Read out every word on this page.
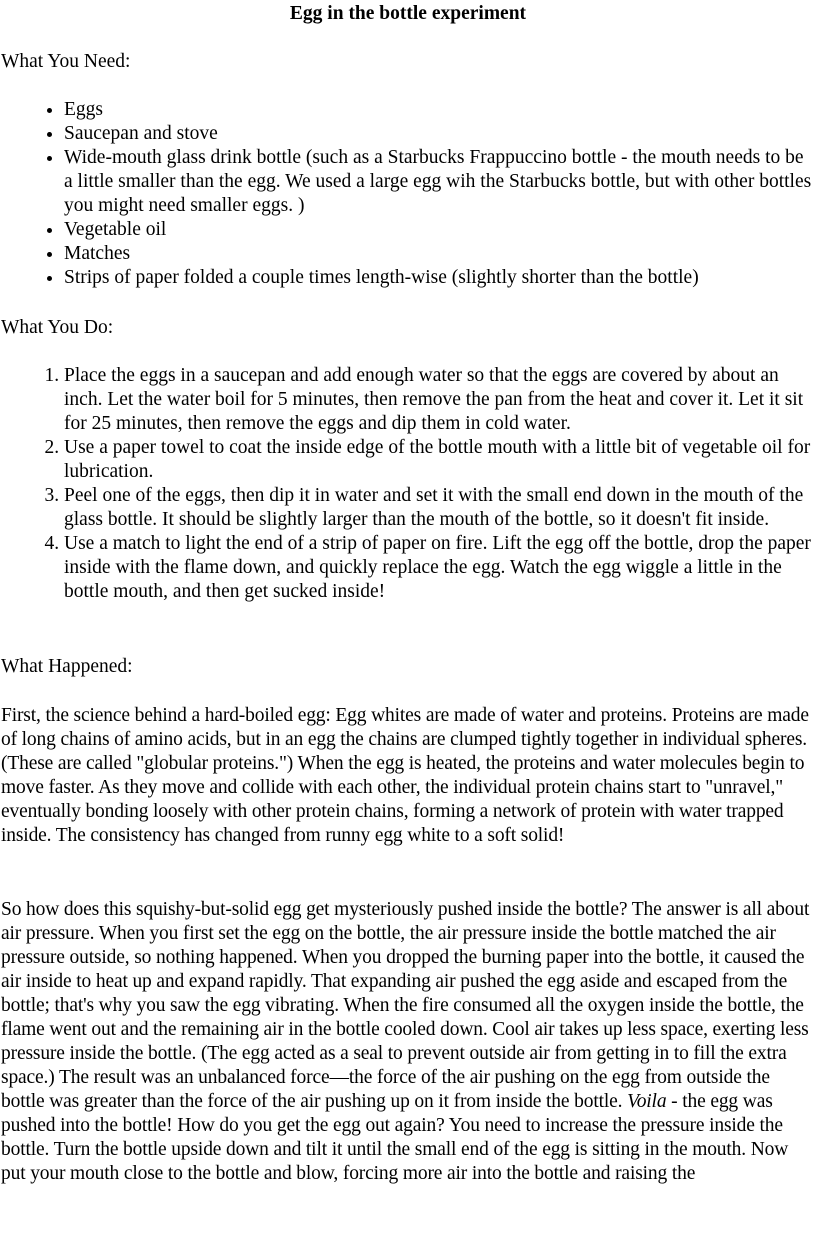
Egg in the bottle experiment

What You Need:

• Eggs
• Saucepan and stove
• Wide-mouth glass drink bottle (such as a Starbucks Frappuccino bottle - the mouth needs to be a little smaller than the egg. We used a large egg wih the Starbucks bottle, but with other bottles you might need smaller eggs. )
• Vegetable oil
• Matches
• Strips of paper folded a couple times length-wise (slightly shorter than the bottle)

What You Do:

1. Place the eggs in a saucepan and add enough water so that the eggs are covered by about an inch. Let the water boil for 5 minutes, then remove the pan from the heat and cover it. Let it sit for 25 minutes, then remove the eggs and dip them in cold water.
2. Use a paper towel to coat the inside edge of the bottle mouth with a little bit of vegetable oil for lubrication.
3. Peel one of the eggs, then dip it in water and set it with the small end down in the mouth of the glass bottle. It should be slightly larger than the mouth of the bottle, so it doesn't fit inside.
4. Use a match to light the end of a strip of paper on fire. Lift the egg off the bottle, drop the paper inside with the flame down, and quickly replace the egg. Watch the egg wiggle a little in the bottle mouth, and then get sucked inside!

What Happened:

First, the science behind a hard-boiled egg: Egg whites are made of water and proteins. Proteins are made of long chains of amino acids, but in an egg the chains are clumped tightly together in individual spheres. (These are called "globular proteins.") When the egg is heated, the proteins and water molecules begin to move faster. As they move and collide with each other, the individual protein chains start to "unravel," eventually bonding loosely with other protein chains, forming a network of protein with water trapped inside. The consistency has changed from runny egg white to a soft solid!

So how does this squishy-but-solid egg get mysteriously pushed inside the bottle? The answer is all about air pressure. When you first set the egg on the bottle, the air pressure inside the bottle matched the air pressure outside, so nothing happened. When you dropped the burning paper into the bottle, it caused the air inside to heat up and expand rapidly. That expanding air pushed the egg aside and escaped from the bottle; that's why you saw the egg vibrating. When the fire consumed all the oxygen inside the bottle, the flame went out and the remaining air in the bottle cooled down. Cool air takes up less space, exerting less pressure inside the bottle. (The egg acted as a seal to prevent outside air from getting in to fill the extra space.) The result was an unbalanced force—the force of the air pushing on the egg from outside the bottle was greater than the force of the air pushing up on it from inside the bottle. Voila - the egg was pushed into the bottle! How do you get the egg out again? You need to increase the pressure inside the bottle. Turn the bottle upside down and tilt it until the small end of the egg is sitting in the mouth. Now put your mouth close to the bottle and blow, forcing more air into the bottle and raising the
